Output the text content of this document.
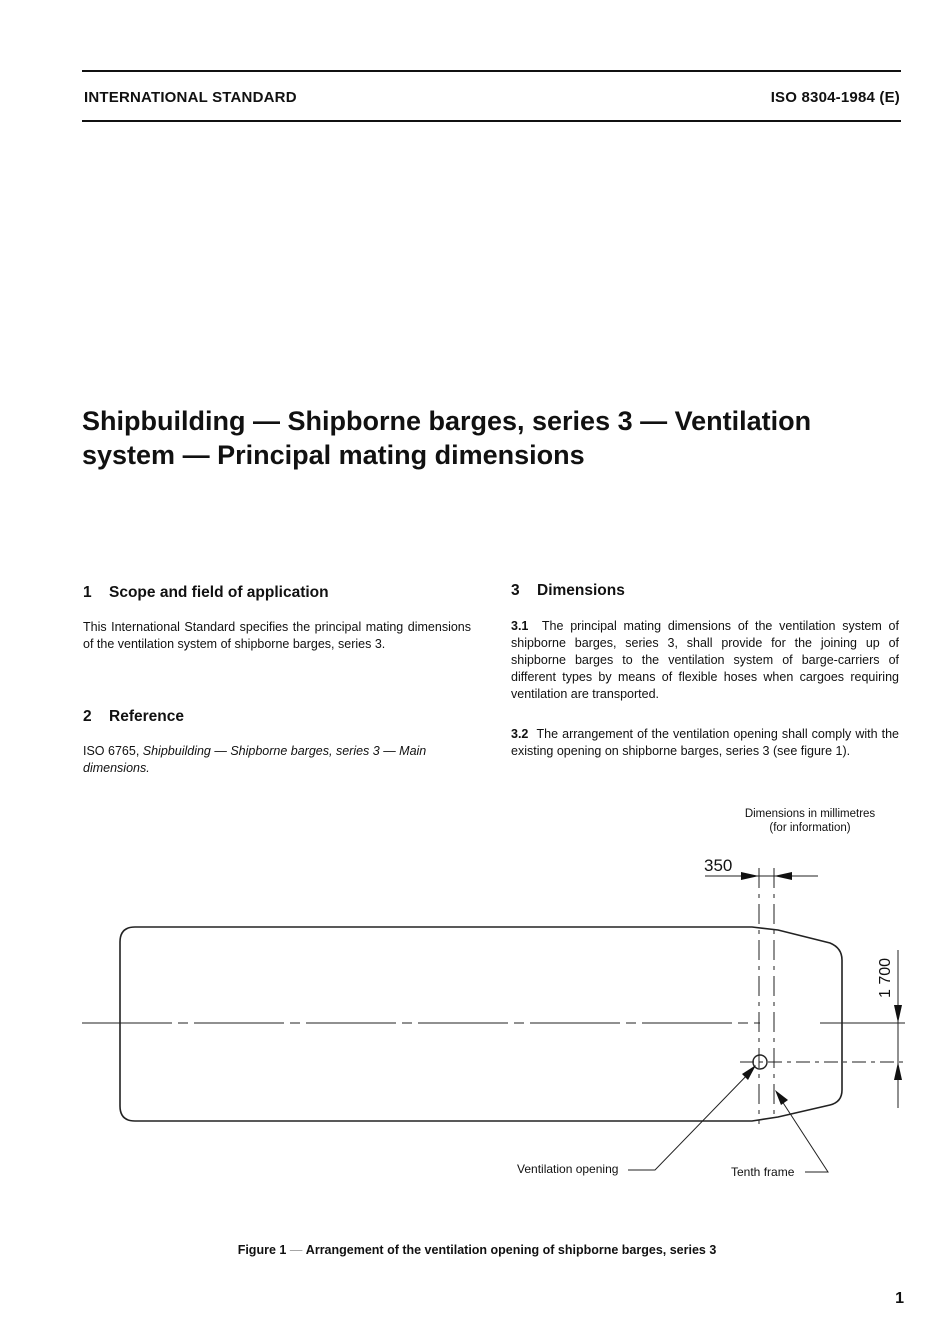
INTERNATIONAL STANDARD	ISO 8304-1984 (E)
Shipbuilding — Shipborne barges, series 3 — Ventilation
system — Principal mating dimensions
1 Scope and field of application
This International Standard specifies the principal mating dimensions of the ventilation system of shipborne barges, series 3.
2 Reference
ISO 6765, Shipbuilding — Shipborne barges, series 3 — Main dimensions.
3 Dimensions
3.1 The principal mating dimensions of the ventilation system of shipborne barges, series 3, shall provide for the joining up of shipborne barges to the ventilation system of barge-carriers of different types by means of flexible hoses when cargoes requiring ventilation are transported.
3.2 The arrangement of the ventilation opening shall comply with the existing opening on shipborne barges, series 3 (see figure 1).
Dimensions in millimetres
(for information)
350
1 700
Ventilation opening	Tenth frame
Figure 1 — Arrangement of the ventilation opening of shipborne barges, series 3
1
